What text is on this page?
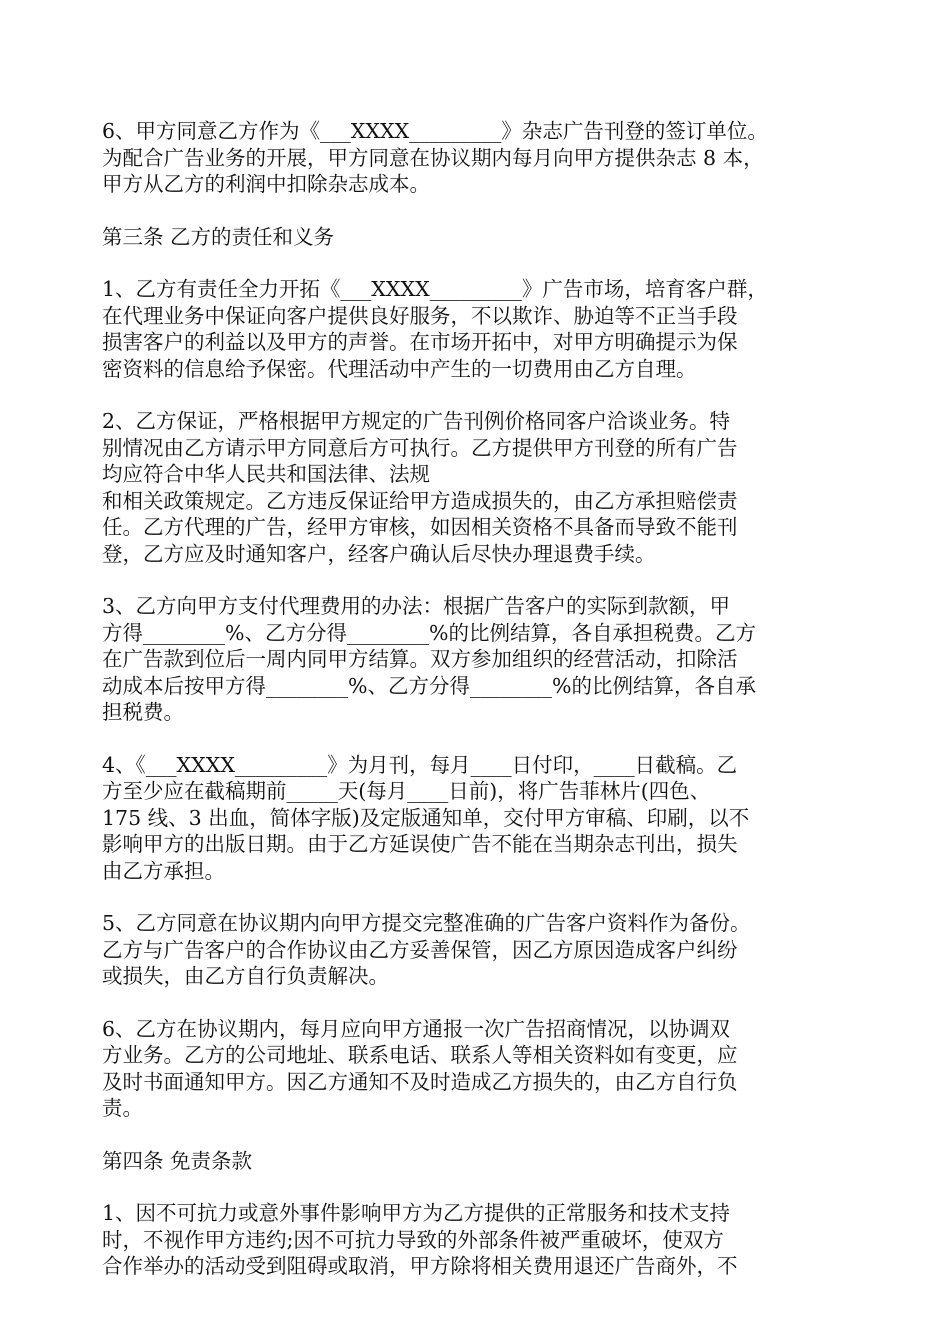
6、甲方同意乙方作为《___XXXX_________》杂志广告刊登的签订单位。
为配合广告业务的开展，甲方同意在协议期内每月向甲方提供杂志 8 本，
甲方从乙方的利润中扣除杂志成本。

第三条 乙方的责任和义务

1、乙方有责任全力开拓《___XXXX_________》广告市场，培育客户群，
在代理业务中保证向客户提供良好服务，不以欺诈、胁迫等不正当手段
损害客户的利益以及甲方的声誉。在市场开拓中，对甲方明确提示为保
密资料的信息给予保密。代理活动中产生的一切费用由乙方自理。

2、乙方保证，严格根据甲方规定的广告刊例价格同客户洽谈业务。特
别情况由乙方请示甲方同意后方可执行。乙方提供甲方刊登的所有广告
均应符合中华人民共和国法律、法规
和相关政策规定。乙方违反保证给甲方造成损失的，由乙方承担赔偿责
任。乙方代理的广告，经甲方审核，如因相关资格不具备而导致不能刊
登，乙方应及时通知客户，经客户确认后尽快办理退费手续。

3、乙方向甲方支付代理费用的办法：根据广告客户的实际到款额，甲
方得________%、乙方分得________%的比例结算，各自承担税费。乙方
在广告款到位后一周内同甲方结算。双方参加组织的经营活动，扣除活
动成本后按甲方得________%、乙方分得________%的比例结算，各自承
担税费。

4、《___XXXX_________》为月刊，每月____日付印，____日截稿。乙
方至少应在截稿期前_____天(每月____日前)，将广告菲林片(四色、
175 线、3 出血，简体字版)及定版通知单，交付甲方审稿、印刷，以不
影响甲方的出版日期。由于乙方延误使广告不能在当期杂志刊出，损失
由乙方承担。

5、乙方同意在协议期内向甲方提交完整准确的广告客户资料作为备份。
乙方与广告客户的合作协议由乙方妥善保管，因乙方原因造成客户纠纷
或损失，由乙方自行负责解决。

6、乙方在协议期内，每月应向甲方通报一次广告招商情况，以协调双
方业务。乙方的公司地址、联系电话、联系人等相关资料如有变更，应
及时书面通知甲方。因乙方通知不及时造成乙方损失的，由乙方自行负
责。

第四条 免责条款

1、因不可抗力或意外事件影响甲方为乙方提供的正常服务和技术支持
时，不视作甲方违约;因不可抗力导致的外部条件被严重破坏，使双方
合作举办的活动受到阻碍或取消，甲方除将相关费用退还广告商外，不
